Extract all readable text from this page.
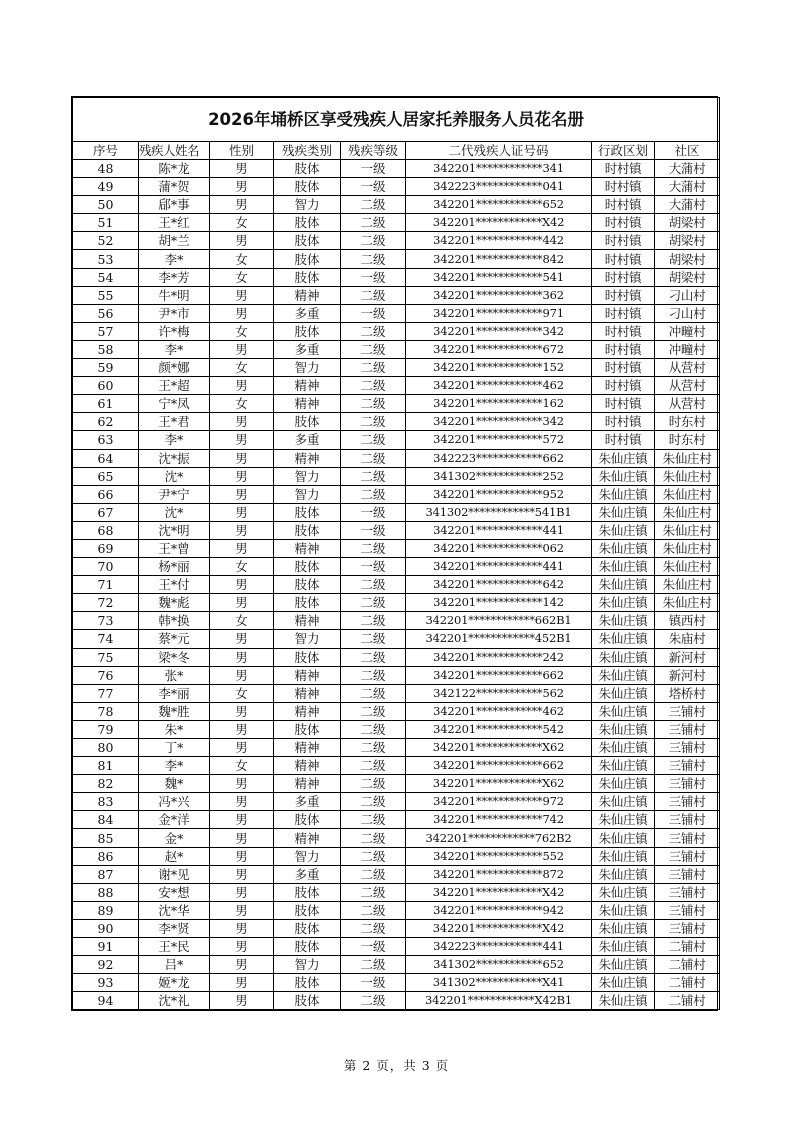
2026年埇桥区享受残疾人居家托养服务人员花名册							
序号	残疾人姓名	性别	残疾类别	残疾等级	二代残疾人证号码	行政区划	社区
48	陈*龙	男	肢体	一级	342201************341	时村镇	大蒲村
49	蒲*贺	男	肢体	一级	342223************041	时村镇	大蒲村
50	郈*事	男	智力	二级	342201************652	时村镇	大蒲村
51	王*红	女	肢体	二级	342201************X42	时村镇	胡梁村
52	胡*兰	男	肢体	二级	342201************442	时村镇	胡梁村
53	李*	女	肢体	二级	342201************842	时村镇	胡梁村
54	李*芳	女	肢体	一级	342201************541	时村镇	胡梁村
55	牛*明	男	精神	二级	342201************362	时村镇	刁山村
56	尹*市	男	多重	一级	342201************971	时村镇	刁山村
57	许*梅	女	肢体	二级	342201************342	时村镇	冲疃村
58	李*	男	多重	二级	342201************672	时村镇	冲疃村
59	颜*娜	女	智力	二级	342201************152	时村镇	从营村
60	王*超	男	精神	二级	342201************462	时村镇	从营村
61	宁*凤	女	精神	二级	342201************162	时村镇	从营村
62	王*君	男	肢体	二级	342201************342	时村镇	时东村
63	李*	男	多重	二级	342201************572	时村镇	时东村
64	沈*振	男	精神	二级	342223************662	朱仙庄镇	朱仙庄村
65	沈*	男	智力	二级	341302************252	朱仙庄镇	朱仙庄村
66	尹*宁	男	智力	二级	342201************952	朱仙庄镇	朱仙庄村
67	沈*	男	肢体	一级	341302************541B1	朱仙庄镇	朱仙庄村
68	沈*明	男	肢体	一级	342201************441	朱仙庄镇	朱仙庄村
69	王*曾	男	精神	二级	342201************062	朱仙庄镇	朱仙庄村
70	杨*丽	女	肢体	一级	342201************441	朱仙庄镇	朱仙庄村
71	王*付	男	肢体	二级	342201************642	朱仙庄镇	朱仙庄村
72	魏*彪	男	肢体	二级	342201************142	朱仙庄镇	朱仙庄村
73	韩*换	女	精神	二级	342201************662B1	朱仙庄镇	镇西村
74	蔡*元	男	智力	二级	342201************452B1	朱仙庄镇	朱庙村
75	梁*冬	男	肢体	二级	342201************242	朱仙庄镇	新河村
76	张*	男	精神	二级	342201************662	朱仙庄镇	新河村
77	李*丽	女	精神	二级	342122************562	朱仙庄镇	塔桥村
78	魏*胜	男	精神	二级	342201************462	朱仙庄镇	三铺村
79	朱*	男	肢体	二级	342201************542	朱仙庄镇	三铺村
80	丁*	男	精神	二级	342201************X62	朱仙庄镇	三铺村
81	李*	女	精神	二级	342201************662	朱仙庄镇	三铺村
82	魏*	男	精神	二级	342201************X62	朱仙庄镇	三铺村
83	冯*兴	男	多重	二级	342201************972	朱仙庄镇	三铺村
84	金*洋	男	肢体	二级	342201************742	朱仙庄镇	三铺村
85	金*	男	精神	二级	342201************762B2	朱仙庄镇	三铺村
86	赵*	男	智力	二级	342201************552	朱仙庄镇	三铺村
87	谢*见	男	多重	二级	342201************872	朱仙庄镇	三铺村
88	安*想	男	肢体	二级	342201************X42	朱仙庄镇	三铺村
89	沈*华	男	肢体	二级	342201************942	朱仙庄镇	三铺村
90	李*贤	男	肢体	二级	342201************X42	朱仙庄镇	三铺村
91	王*民	男	肢体	一级	342223************441	朱仙庄镇	二铺村
92	吕*	男	智力	二级	341302************652	朱仙庄镇	二铺村
93	姬*龙	男	肢体	一级	341302************X41	朱仙庄镇	二铺村
94	沈*礼	男	肢体	二级	342201************X42B1	朱仙庄镇	二铺村
第 2 页，共 3 页
